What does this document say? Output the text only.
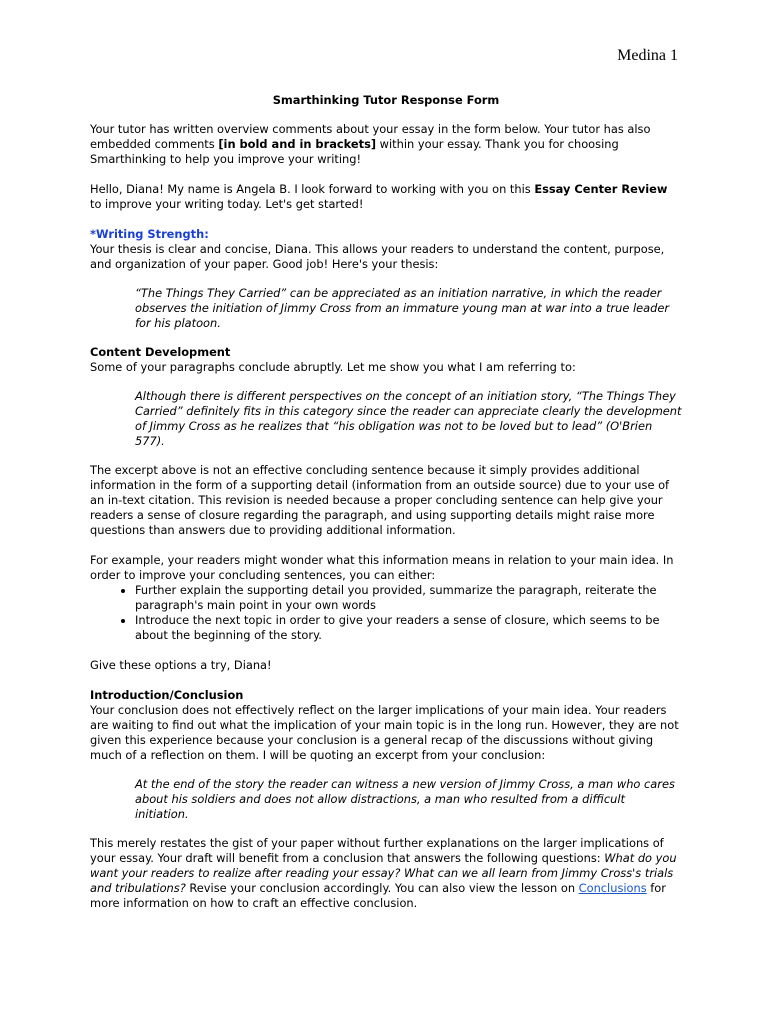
Medina 1

Smarthinking Tutor Response Form

Your tutor has written overview comments about your essay in the form below. Your tutor has also embedded comments [in bold and in brackets] within your essay. Thank you for choosing Smarthinking to help you improve your writing!

Hello, Diana! My name is Angela B. I look forward to working with you on this Essay Center Review to improve your writing today. Let's get started!

*Writing Strength:

Your thesis is clear and concise, Diana. This allows your readers to understand the content, purpose, and organization of your paper. Good job! Here's your thesis:

“The Things They Carried” can be appreciated as an initiation narrative, in which the reader observes the initiation of Jimmy Cross from an immature young man at war into a true leader for his platoon.

Content Development

Some of your paragraphs conclude abruptly. Let me show you what I am referring to:

Although there is different perspectives on the concept of an initiation story, “The Things They Carried” definitely fits in this category since the reader can appreciate clearly the development of Jimmy Cross as he realizes that “his obligation was not to be loved but to lead” (O'Brien 577).

The excerpt above is not an effective concluding sentence because it simply provides additional information in the form of a supporting detail (information from an outside source) due to your use of an in-text citation. This revision is needed because a proper concluding sentence can help give your readers a sense of closure regarding the paragraph, and using supporting details might raise more questions than answers due to providing additional information.

For example, your readers might wonder what this information means in relation to your main idea. In order to improve your concluding sentences, you can either:

• Further explain the supporting detail you provided, summarize the paragraph, reiterate the paragraph's main point in your own words
• Introduce the next topic in order to give your readers a sense of closure, which seems to be about the beginning of the story.

Give these options a try, Diana!

Introduction/Conclusion

Your conclusion does not effectively reflect on the larger implications of your main idea. Your readers are waiting to find out what the implication of your main topic is in the long run. However, they are not given this experience because your conclusion is a general recap of the discussions without giving much of a reflection on them. I will be quoting an excerpt from your conclusion:

At the end of the story the reader can witness a new version of Jimmy Cross, a man who cares about his soldiers and does not allow distractions, a man who resulted from a difficult initiation.

This merely restates the gist of your paper without further explanations on the larger implications of your essay. Your draft will benefit from a conclusion that answers the following questions: What do you want your readers to realize after reading your essay? What can we all learn from Jimmy Cross's trials and tribulations? Revise your conclusion accordingly. You can also view the lesson on Conclusions for more information on how to craft an effective conclusion.
